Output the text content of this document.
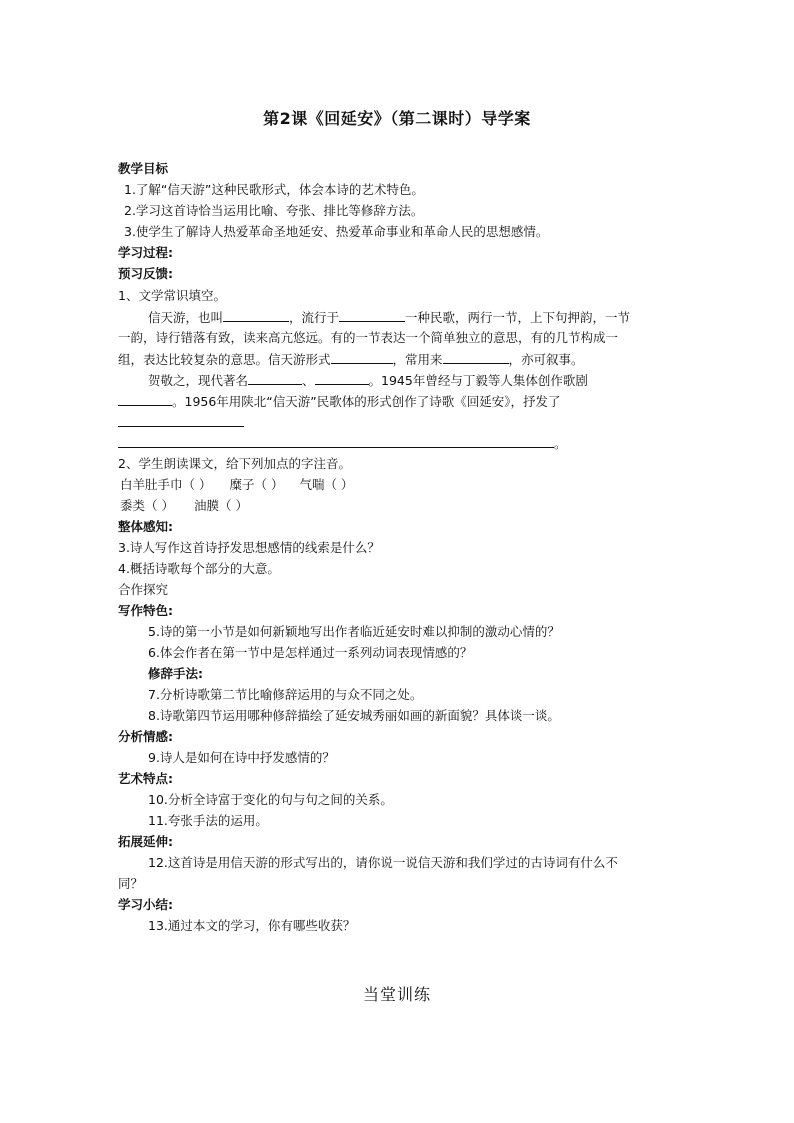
第2课《回延安》（第二课时）导学案
教学目标
1.了解“信天游”这种民歌形式，体会本诗的艺术特色。
2.学习这首诗恰当运用比喻、夸张、排比等修辞方法。
3.使学生了解诗人热爱革命圣地延安、热爱革命事业和革命人民的思想感情。
学习过程:
预习反馈:
1、文学常识填空。
信天游，也叫	，流行于	一种民歌，两行一节，上下句押韵，一节
一韵，诗行错落有致，读来高亢悠远。有的一节表达一个简单独立的意思，有的几节构成一
组，表达比较复杂的意思。信天游形式	，常用来	，亦可叙事。
贺敬之，现代著名	、	。1945年曾经与丁毅等人集体创作歌剧
。1956年用陕北“信天游”民歌体的形式创作了诗歌《回延安》，抒发了
。
2、学生朗读课文，给下列加点的字注音。
白羊肚手巾（ ） 糜子（ ） 气喘（ ）
黍类（ ） 油膜（ ）
整体感知:
3.诗人写作这首诗抒发思想感情的线索是什么？
4.概括诗歌每个部分的大意。
合作探究
写作特色:
5.诗的第一小节是如何新颖地写出作者临近延安时难以抑制的激动心情的？
6.体会作者在第一节中是怎样通过一系列动词表现情感的？
修辞手法:
7.分析诗歌第二节比喻修辞运用的与众不同之处。
8.诗歌第四节运用哪种修辞描绘了延安城秀丽如画的新面貌？具体谈一谈。
分析情感:
9.诗人是如何在诗中抒发感情的？
艺术特点:
10.分析全诗富于变化的句与句之间的关系。
11.夸张手法的运用。
拓展延伸:
12.这首诗是用信天游的形式写出的，请你说一说信天游和我们学过的古诗词有什么不
同？
学习小结:
13.通过本文的学习，你有哪些收获？
当堂训练
